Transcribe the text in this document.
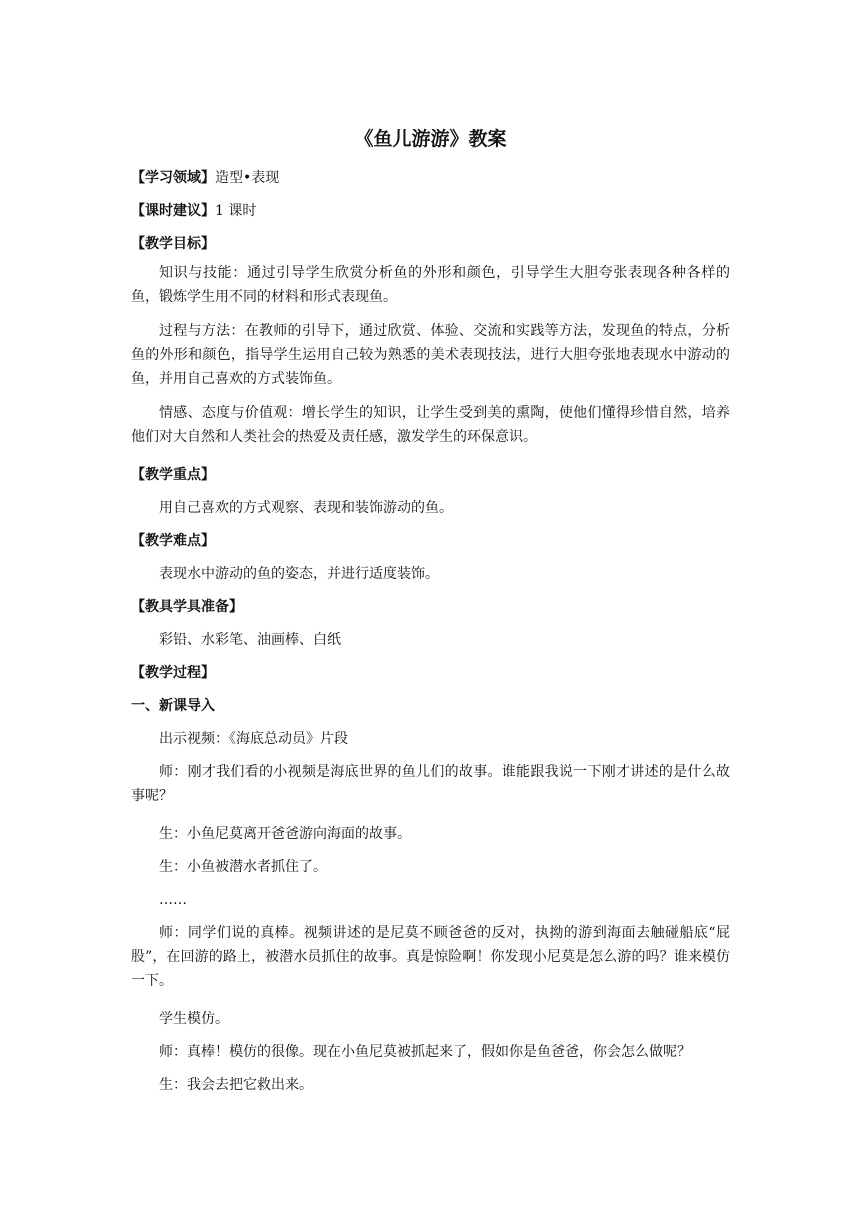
《鱼儿游游》教案

【学习领域】造型•表现

【课时建议】1 课时

【教学目标】

知识与技能：通过引导学生欣赏分析鱼的外形和颜色，引导学生大胆夸张表现各种各样的鱼，锻炼学生用不同的材料和形式表现鱼。

过程与方法：在教师的引导下，通过欣赏、体验、交流和实践等方法，发现鱼的特点，分析鱼的外形和颜色，指导学生运用自己较为熟悉的美术表现技法，进行大胆夸张地表现水中游动的鱼，并用自己喜欢的方式装饰鱼。

情感、态度与价值观：增长学生的知识，让学生受到美的熏陶，使他们懂得珍惜自然，培养他们对大自然和人类社会的热爱及责任感，激发学生的环保意识。

【教学重点】

用自己喜欢的方式观察、表现和装饰游动的鱼。

【教学难点】

表现水中游动的鱼的姿态，并进行适度装饰。

【教具学具准备】

彩铅、水彩笔、油画棒、白纸

【教学过程】

一、新课导入

出示视频：《海底总动员》片段

师：刚才我们看的小视频是海底世界的鱼儿们的故事。谁能跟我说一下刚才讲述的是什么故事呢？

生：小鱼尼莫离开爸爸游向海面的故事。

生：小鱼被潜水者抓住了。

……

师：同学们说的真棒。视频讲述的是尼莫不顾爸爸的反对，执拗的游到海面去触碰船底“屁股”，在回游的路上，被潜水员抓住的故事。真是惊险啊！你发现小尼莫是怎么游的吗？谁来模仿一下。

学生模仿。

师：真棒！模仿的很像。现在小鱼尼莫被抓起来了，假如你是鱼爸爸，你会怎么做呢？

生：我会去把它救出来。
